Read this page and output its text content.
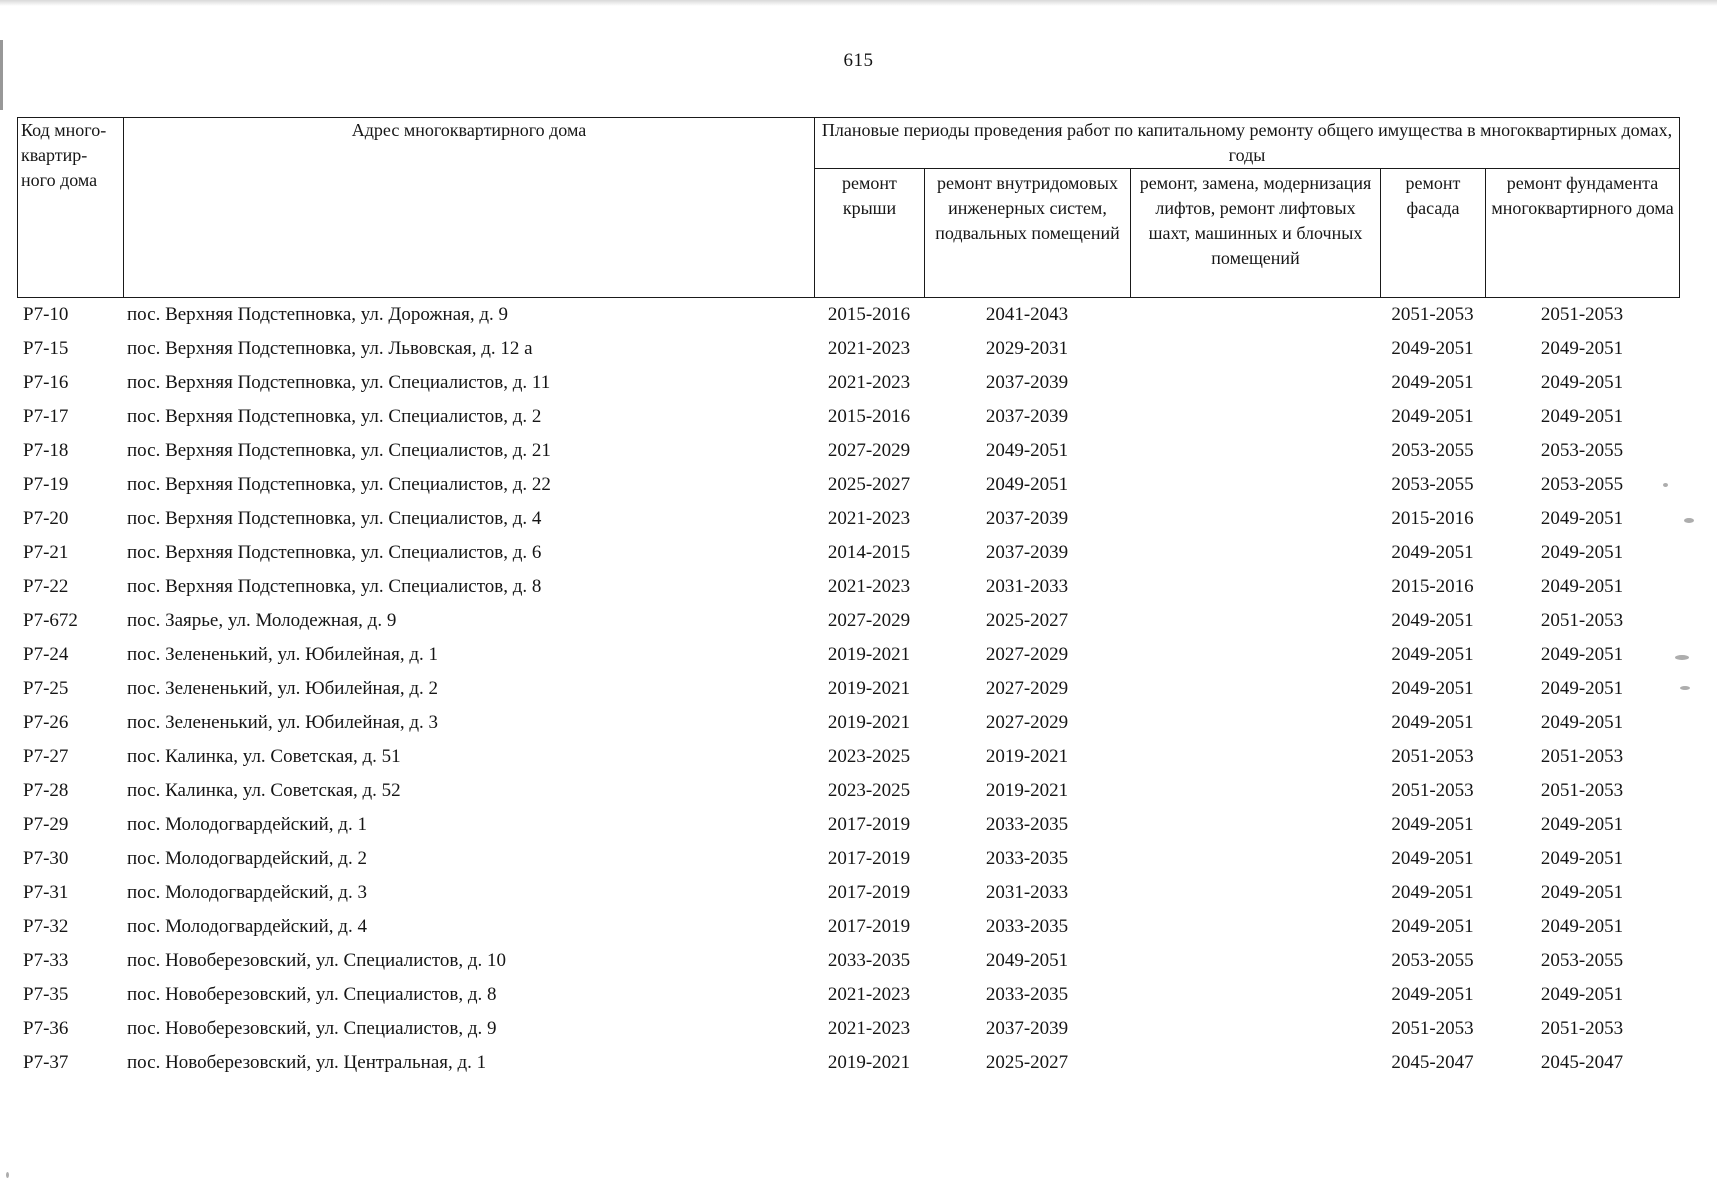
615
Код много-квартир-ного дома	Адрес многоквартирного дома	Плановые периоды проведения работ по капитальному ремонту общего имущества в многоквартирных домах, годы				
		ремонт крыши	ремонт внутридомовых инженерных систем, подвальных помещений	ремонт, замена, модернизация лифтов, ремонт лифтовых шахт, машинных и блочных помещений	ремонт фасада	ремонт фундамента многоквартирного дома
Р7-10	пос. Верхняя Подстепновка, ул. Дорожная, д. 9	2015-2016	2041-2043		2051-2053	2051-2053
Р7-15	пос. Верхняя Подстепновка, ул. Львовская, д. 12 а	2021-2023	2029-2031		2049-2051	2049-2051
Р7-16	пос. Верхняя Подстепновка, ул. Специалистов, д. 11	2021-2023	2037-2039		2049-2051	2049-2051
Р7-17	пос. Верхняя Подстепновка, ул. Специалистов, д. 2	2015-2016	2037-2039		2049-2051	2049-2051
Р7-18	пос. Верхняя Подстепновка, ул. Специалистов, д. 21	2027-2029	2049-2051		2053-2055	2053-2055
Р7-19	пос. Верхняя Подстепновка, ул. Специалистов, д. 22	2025-2027	2049-2051		2053-2055	2053-2055
Р7-20	пос. Верхняя Подстепновка, ул. Специалистов, д. 4	2021-2023	2037-2039		2015-2016	2049-2051
Р7-21	пос. Верхняя Подстепновка, ул. Специалистов, д. 6	2014-2015	2037-2039		2049-2051	2049-2051
Р7-22	пос. Верхняя Подстепновка, ул. Специалистов, д. 8	2021-2023	2031-2033		2015-2016	2049-2051
Р7-672	пос. Заярье, ул. Молодежная, д. 9	2027-2029	2025-2027		2049-2051	2051-2053
Р7-24	пос. Зелененький, ул. Юбилейная, д. 1	2019-2021	2027-2029		2049-2051	2049-2051
Р7-25	пос. Зелененький, ул. Юбилейная, д. 2	2019-2021	2027-2029		2049-2051	2049-2051
Р7-26	пос. Зелененький, ул. Юбилейная, д. 3	2019-2021	2027-2029		2049-2051	2049-2051
Р7-27	пос. Калинка, ул. Советская, д. 51	2023-2025	2019-2021		2051-2053	2051-2053
Р7-28	пос. Калинка, ул. Советская, д. 52	2023-2025	2019-2021		2051-2053	2051-2053
Р7-29	пос. Молодогвардейский, д. 1	2017-2019	2033-2035		2049-2051	2049-2051
Р7-30	пос. Молодогвардейский, д. 2	2017-2019	2033-2035		2049-2051	2049-2051
Р7-31	пос. Молодогвардейский, д. 3	2017-2019	2031-2033		2049-2051	2049-2051
Р7-32	пос. Молодогвардейский, д. 4	2017-2019	2033-2035		2049-2051	2049-2051
Р7-33	пос. Новоберезовский, ул. Специалистов, д. 10	2033-2035	2049-2051		2053-2055	2053-2055
Р7-35	пос. Новоберезовский, ул. Специалистов, д. 8	2021-2023	2033-2035		2049-2051	2049-2051
Р7-36	пос. Новоберезовский, ул. Специалистов, д. 9	2021-2023	2037-2039		2051-2053	2051-2053
Р7-37	пос. Новоберезовский, ул. Центральная, д. 1	2019-2021	2025-2027		2045-2047	2045-2047
